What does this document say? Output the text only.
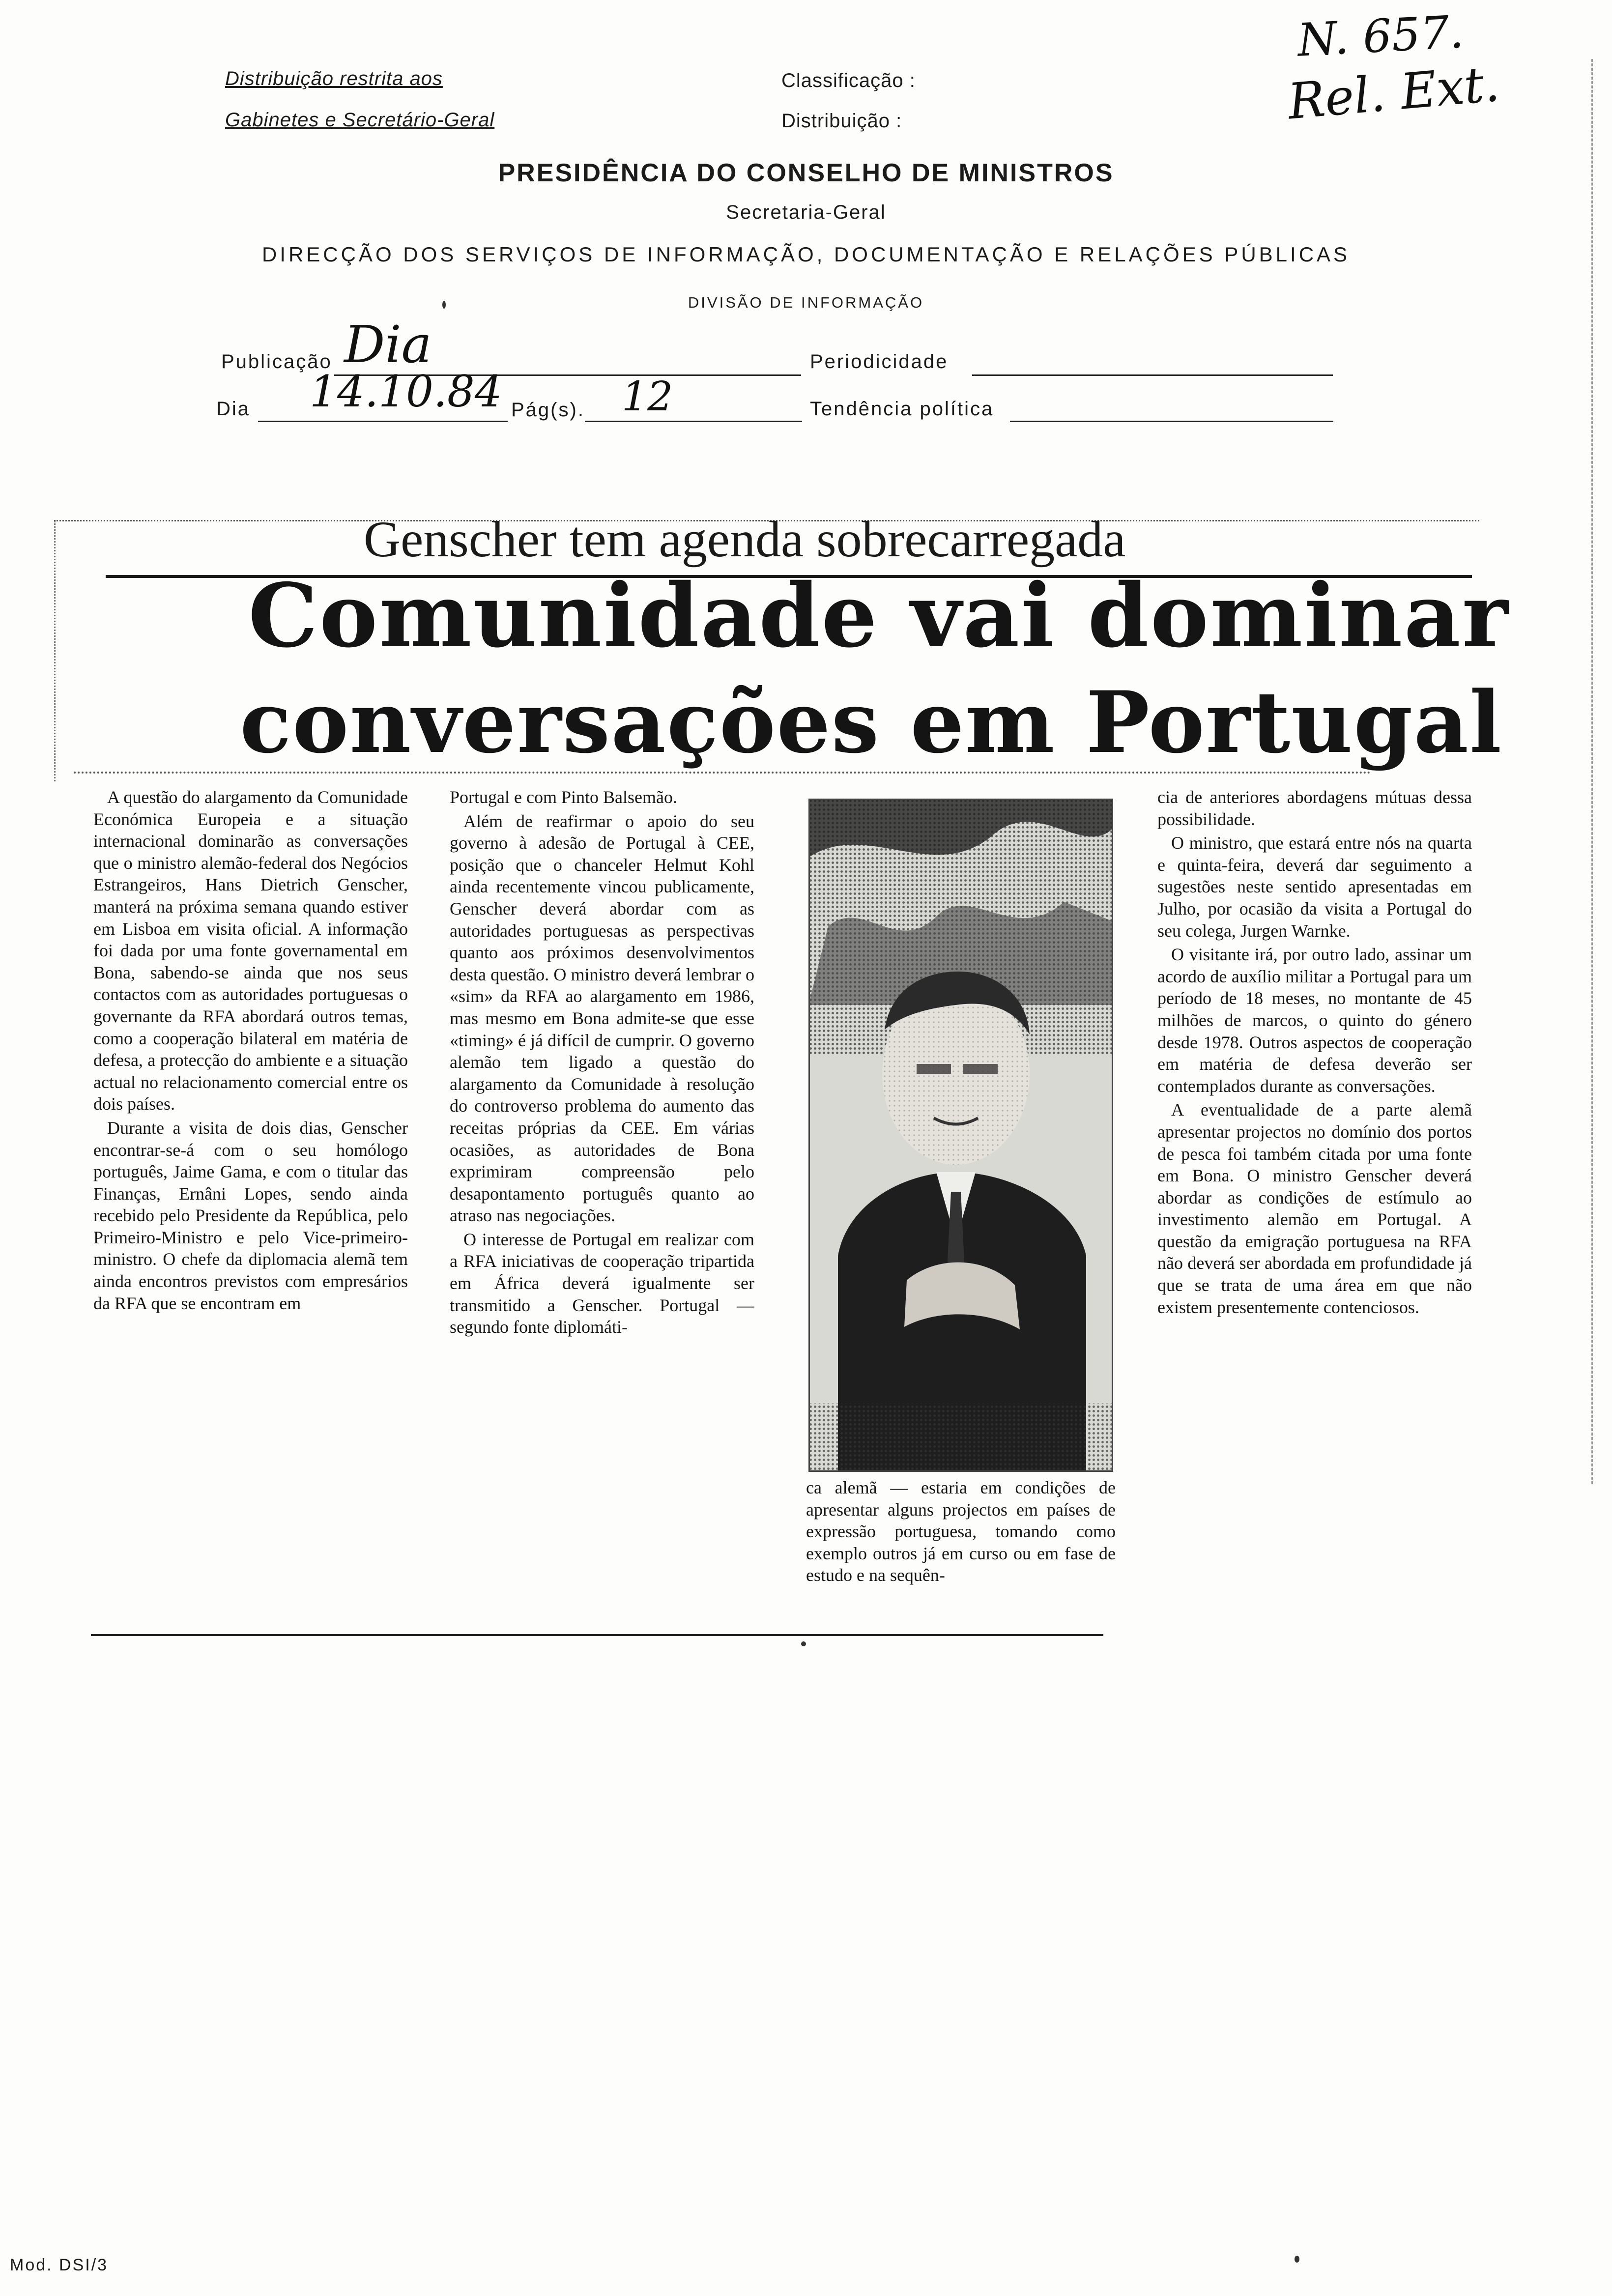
Distribuição restrita aos
Gabinetes e Secretário-Geral
Classificação :
Distribuição :
N. 657.
Rel. Ext.
PRESIDÊNCIA DO CONSELHO DE MINISTROS
Secretaria-Geral
DIRECÇÃO DOS SERVIÇOS DE INFORMAÇÃO, DOCUMENTAÇÃO E RELAÇÕES PÚBLICAS
DIVISÃO DE INFORMAÇÃO
Publicação Dia	Periodicidade
Dia 14.10.84 Pág(s). 12	Tendência política
Genscher tem agenda sobrecarregada
Comunidade vai dominar
conversações em Portugal

A questão do alargamento da Comunidade Económica Europeia e a situação internacional dominarão as conversações que o ministro alemão-federal dos Negócios Estrangeiros, Hans Dietrich Genscher, manterá na próxima semana quando estiver em Lisboa em visita oficial. A informação foi dada por uma fonte governamental em Bona, sabendo-se ainda que nos seus contactos com as autoridades portuguesas o governante da RFA abordará outros temas, como a cooperação bilateral em matéria de defesa, a protecção do ambiente e a situação actual no relacionamento comercial entre os dois países.

Durante a visita de dois dias, Genscher encontrar-se-á com o seu homólogo português, Jaime Gama, e com o titular das Finanças, Ernâni Lopes, sendo ainda recebido pelo Presidente da República, pelo Primeiro-Ministro e pelo Vice-primeiro-ministro. O chefe da diplomacia alemã tem ainda encontros previstos com empresários da RFA que se encontram em

Portugal e com Pinto Balsemão.

Além de reafirmar o apoio do seu governo à adesão de Portugal à CEE, posição que o chanceler Helmut Kohl ainda recentemente vincou publicamente, Genscher deverá abordar com as autoridades portuguesas as perspectivas quanto aos próximos desenvolvimentos desta questão. O ministro deverá lembrar o «sim» da RFA ao alargamento em 1986, mas mesmo em Bona admite-se que esse «timing» é já difícil de cumprir. O governo alemão tem ligado a questão do alargamento da Comunidade à resolução do controverso problema do aumento das receitas próprias da CEE. Em várias ocasiões, as autoridades de Bona exprimiram compreensão pelo desapontamento português quanto ao atraso nas negociações.

O interesse de Portugal em realizar com a RFA iniciativas de cooperação tripartida em África deverá igualmente ser transmitido a Genscher. Portugal — segundo fonte diplomáti-

ca alemã — estaria em condições de apresentar alguns projectos em países de expressão portuguesa, tomando como exemplo outros já em curso ou em fase de estudo e na sequên-

cia de anteriores abordagens mútuas dessa possibilidade.

O ministro, que estará entre nós na quarta e quinta-feira, deverá dar seguimento a sugestões neste sentido apresentadas em Julho, por ocasião da visita a Portugal do seu colega, Jurgen Warnke.

O visitante irá, por outro lado, assinar um acordo de auxílio militar a Portugal para um período de 18 meses, no montante de 45 milhões de marcos, o quinto do género desde 1978. Outros aspectos de cooperação em matéria de defesa deverão ser contemplados durante as conversações.

A eventualidade de a parte alemã apresentar projectos no domínio dos portos de pesca foi também citada por uma fonte em Bona. O ministro Genscher deverá abordar as condições de estímulo ao investimento alemão em Portugal. A questão da emigração portuguesa na RFA não deverá ser abordada em profundidade já que se trata de uma área em que não existem presentemente contenciosos.

Mod. DSI/3
